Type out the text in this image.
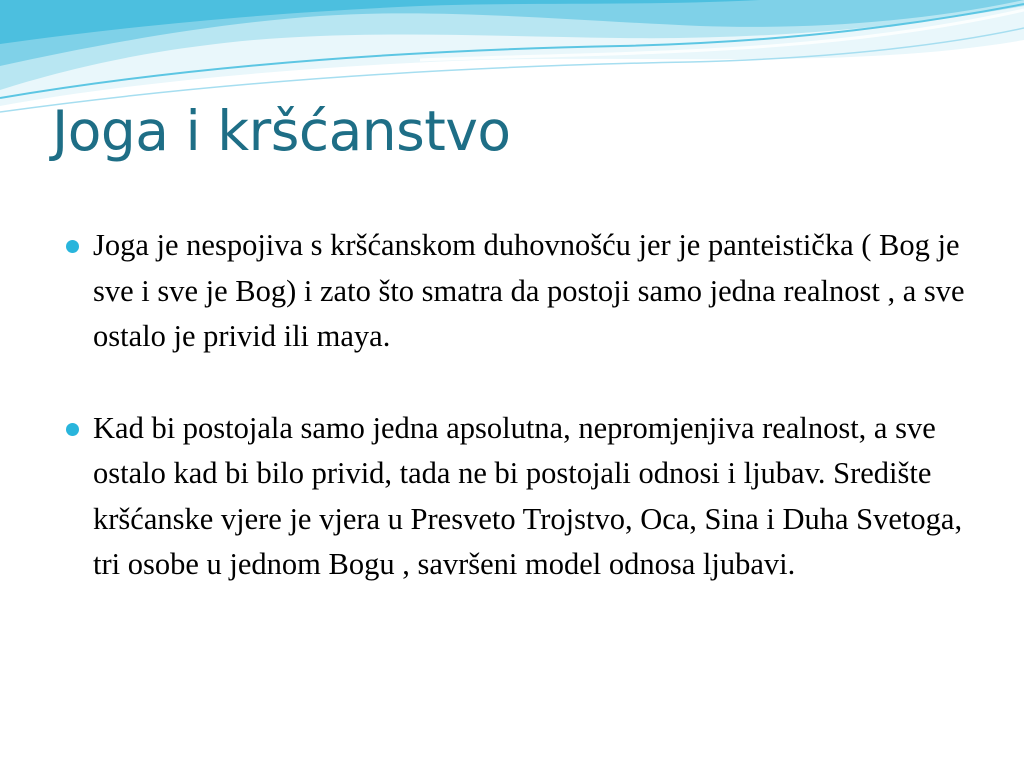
Joga i kršćanstvo
Joga je nespojiva s kršćanskom duhovnošću jer je panteistička ( Bog je sve i sve je Bog) i zato što smatra da postoji samo jedna realnost , a sve ostalo je privid ili maya.
Kad bi postojala samo jedna apsolutna, nepromjenjiva realnost, a sve ostalo kad bi bilo privid, tada ne bi postojali odnosi i ljubav. Središte kršćanske vjere je vjera u Presveto Trojstvo, Oca, Sina i Duha Svetoga, tri osobe u jednom Bogu , savršeni model odnosa ljubavi.
